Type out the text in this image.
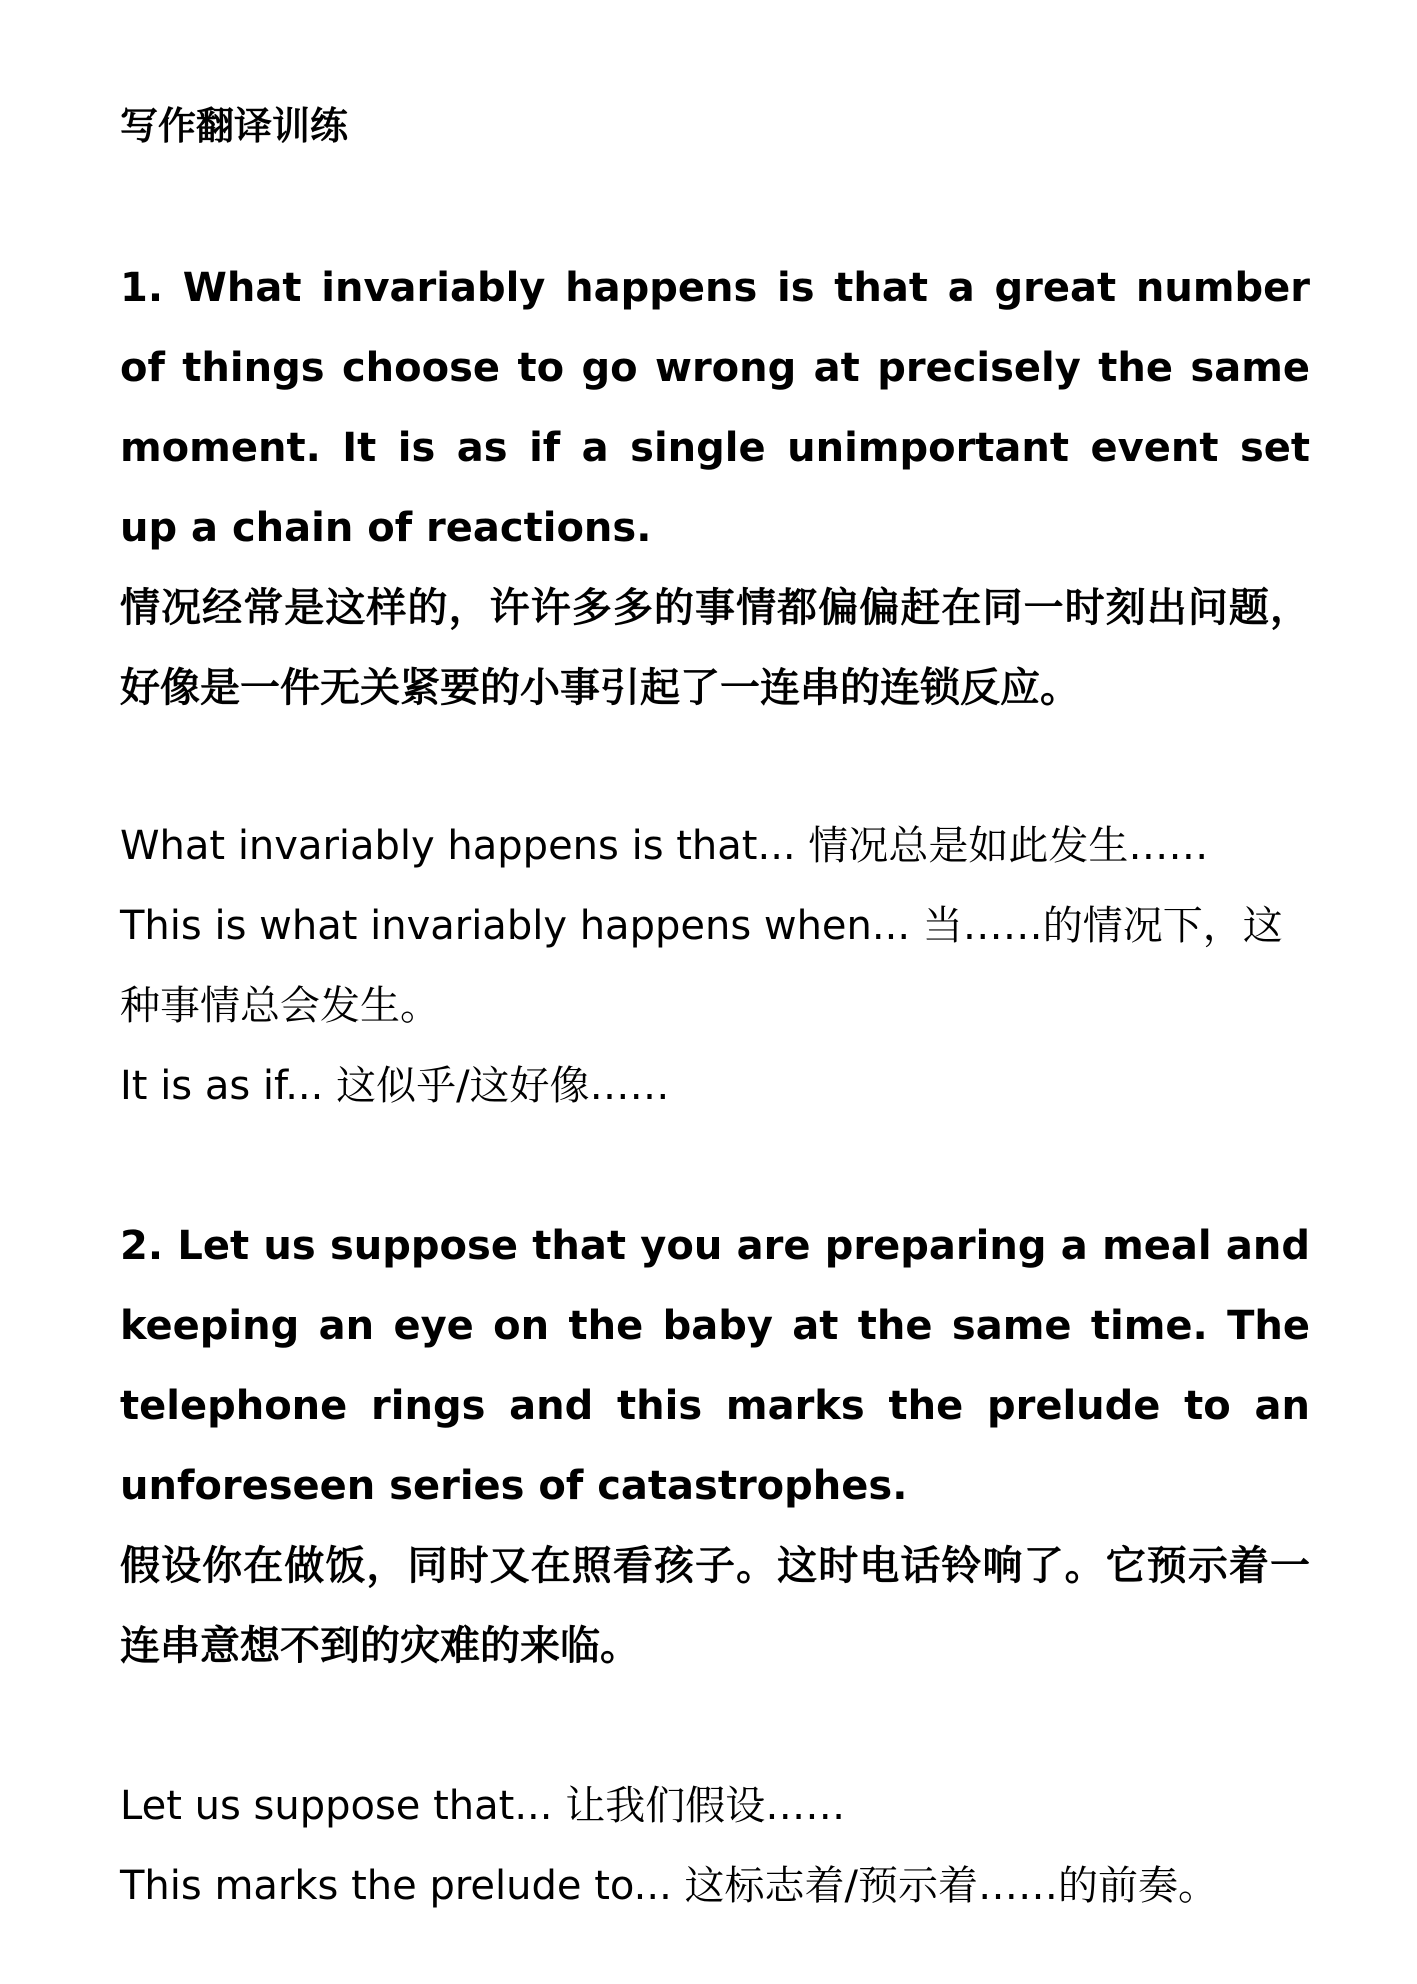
写作翻译训练
1. What invariably happens is that a great number of things choose to go wrong at precisely the same moment. It is as if a single unimportant event set up a chain of reactions.
情况经常是这样的，许许多多的事情都偏偏赶在同一时刻出问题，好像是一件无关紧要的小事引起了一连串的连锁反应。
What invariably happens is that... 情况总是如此发生……
This is what invariably happens when... 当……的情况下，这种事情总会发生。
It is as if... 这似乎/这好像……
2. Let us suppose that you are preparing a meal and keeping an eye on the baby at the same time. The telephone rings and this marks the prelude to an unforeseen series of catastrophes.
假设你在做饭，同时又在照看孩子。这时电话铃响了。它预示着一连串意想不到的灾难的来临。
Let us suppose that... 让我们假设……
This marks the prelude to... 这标志着/预示着……的前奏。
